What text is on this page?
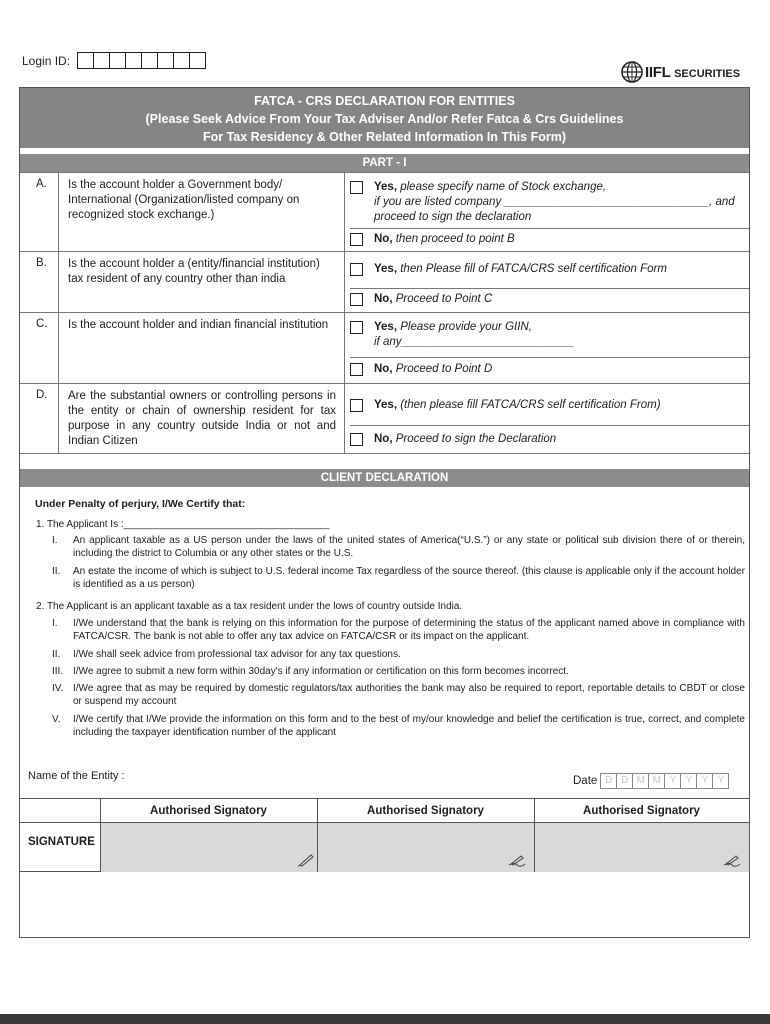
Login ID:
IIFL SECURITIES
FATCA - CRS DECLARATION FOR ENTITIES
(Please Seek Advice From Your Tax Adviser And/or Refer Fatca & Crs Guidelines
For Tax Residency & Other Related Information In This Form)
PART - I
A. Is the account holder a Government body/ International (Organization/listed company on recognized stock exchange.)
Yes, please specify name of Stock exchange,
if you are listed company ________________________________, and
proceed to sign the declaration
No, then proceed to point B
B. Is the account holder a (entity/financial institution) tax resident of any country other than india
Yes, then Please fill of FATCA/CRS self certification Form
No, Proceed to Point C
C. Is the account holder and indian financial institution	Yes, Please provide your GIIN,
if any___________________________
No, Proceed to Point D
D. Are the substantial owners or controlling persons in the entity or chain of ownership resident for tax purpose in any country outside India or not and Indian Citizen
Yes, (then please fill FATCA/CRS self certification From)
No, Proceed to sign the Declaration
CLIENT DECLARATION
Under Penalty of perjury, I/We Certify that:
1. The Applicant Is :_____________________________________
I. An applicant taxable as a US person under the laws of the united states of America(“U.S.”) or any state or political sub division there of or therein, including the district to Columbia or any other states or the U.S.
II. An estate the income of which is subject to U.S. federal income Tax regardless of the source thereof. (this clause is applicable only if the account holder is identified as a us person)
2. The Applicant is an applicant taxable as a tax resident under the lows of country outside India.
I. I/We understand that the bank is relying on this information for the purpose of determining the status of the applicant named above in compliance with FATCA/CSR. The bank is not able to offer any tax advice on FATCA/CSR or its impact on the applicant.
II. I/We shall seek advice from professional tax advisor for any tax questions.
III. I/We agree to submit a new form within 30day's if any information or certification on this form becomes incorrect.
IV. I/We agree that as may be required by domestic regulators/tax authorities the bank may also be required to report, reportable details to CBDT or close or suspend my account
V. I/We certify that I/We provide the information on this form and to the best of my/our knowledge and belief the certification is true, correct, and complete including the taxpayer identification number of the applicant
Name of the Entity :	Date D D M M Y Y Y Y
Authorised Signatory	Authorised Signatory	Authorised Signatory
SIGNATURE
